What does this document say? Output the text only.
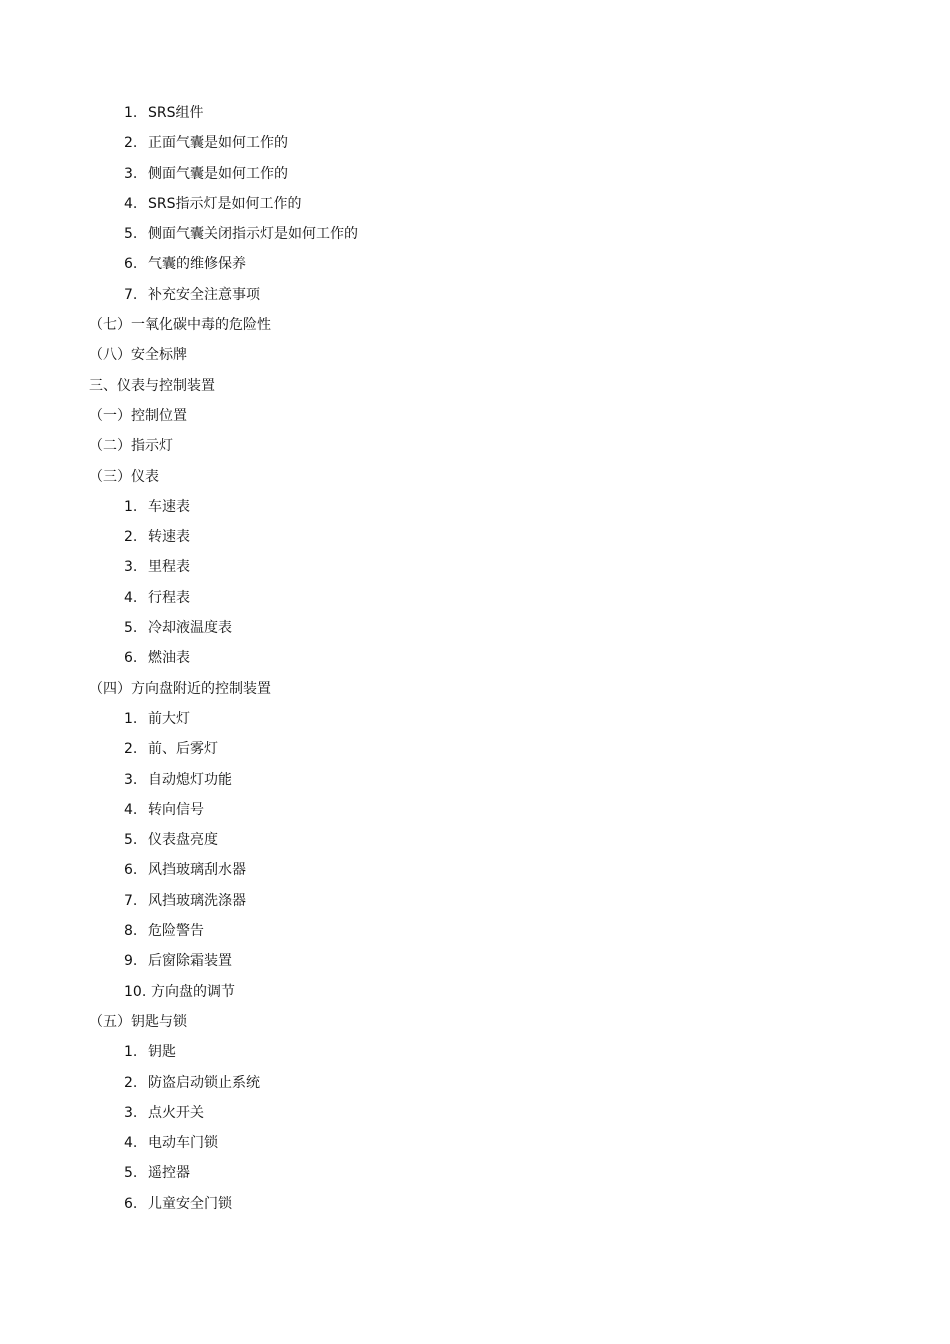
1. SRS组件
2. 正面气囊是如何工作的
3. 侧面气囊是如何工作的
4. SRS指示灯是如何工作的
5. 侧面气囊关闭指示灯是如何工作的
6. 气囊的维修保养
7. 补充安全注意事项
（七）一氧化碳中毒的危险性
（八）安全标牌
三、仪表与控制装置
（一）控制位置
（二）指示灯
（三）仪表
1. 车速表
2. 转速表
3. 里程表
4. 行程表
5. 冷却液温度表
6. 燃油表
（四）方向盘附近的控制装置
1. 前大灯
2. 前、后雾灯
3. 自动熄灯功能
4. 转向信号
5. 仪表盘亮度
6. 风挡玻璃刮水器
7. 风挡玻璃洗涤器
8. 危险警告
9. 后窗除霜装置
10. 方向盘的调节
（五）钥匙与锁
1. 钥匙
2. 防盗启动锁止系统
3. 点火开关
4. 电动车门锁
5. 遥控器
6. 儿童安全门锁
